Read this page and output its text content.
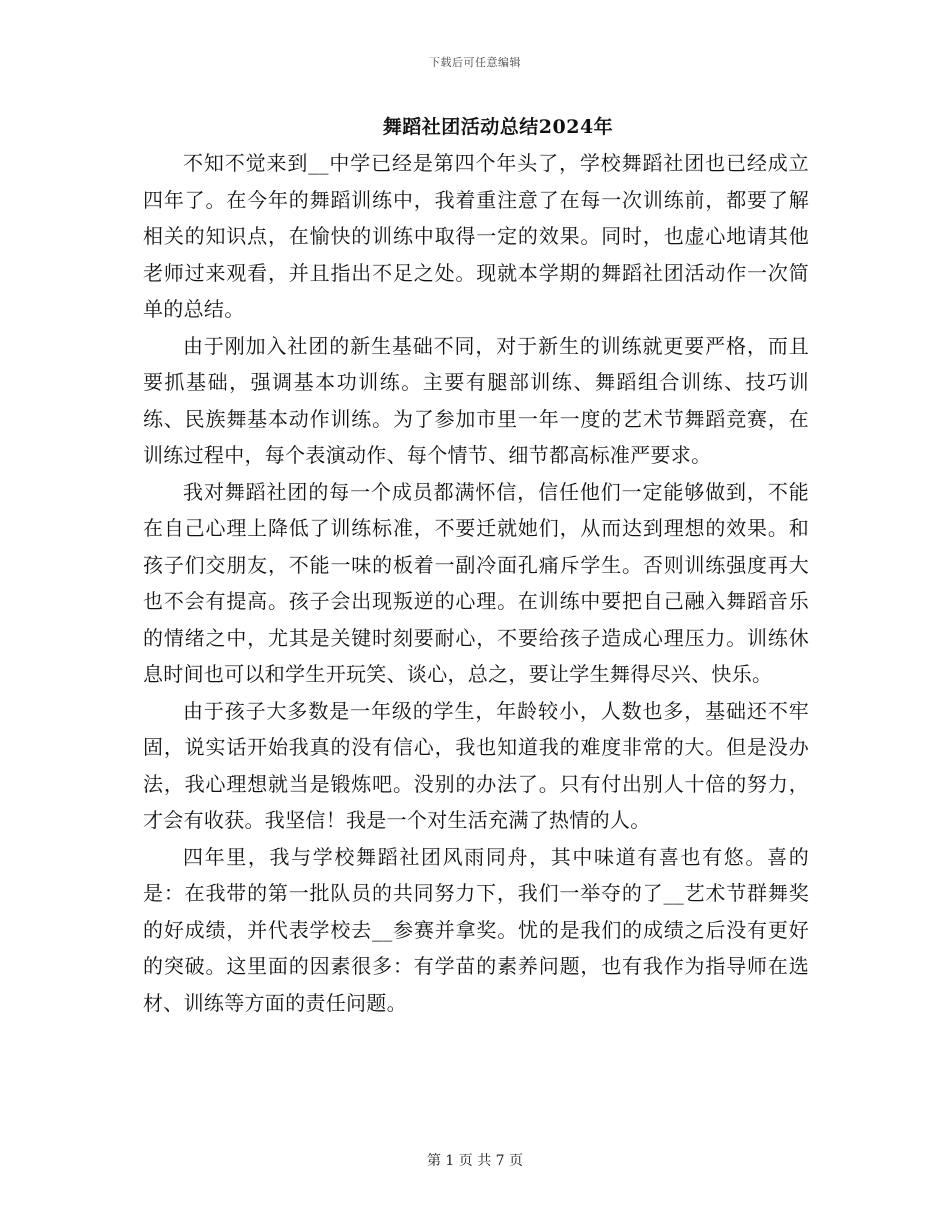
下载后可任意编辑
舞蹈社团活动总结2024年

不知不觉来到__中学已经是第四个年头了，学校舞蹈社团也已经成立四年了。在今年的舞蹈训练中，我着重注意了在每一次训练前，都要了解相关的知识点，在愉快的训练中取得一定的效果。同时，也虚心地请其他老师过来观看，并且指出不足之处。现就本学期的舞蹈社团活动作一次简单的总结。

由于刚加入社团的新生基础不同，对于新生的训练就更要严格，而且要抓基础，强调基本功训练。主要有腿部训练、舞蹈组合训练、技巧训练、民族舞基本动作训练。为了参加市里一年一度的艺术节舞蹈竞赛，在训练过程中，每个表演动作、每个情节、细节都高标准严要求。

我对舞蹈社团的每一个成员都满怀信，信任他们一定能够做到，不能在自己心理上降低了训练标准，不要迁就她们，从而达到理想的效果。和孩子们交朋友，不能一味的板着一副冷面孔痛斥学生。否则训练强度再大也不会有提高。孩子会出现叛逆的心理。在训练中要把自己融入舞蹈音乐的情绪之中，尤其是关键时刻要耐心，不要给孩子造成心理压力。训练休息时间也可以和学生开玩笑、谈心，总之，要让学生舞得尽兴、快乐。

由于孩子大多数是一年级的学生，年龄较小，人数也多，基础还不牢固，说实话开始我真的没有信心，我也知道我的难度非常的大。但是没办法，我心理想就当是锻炼吧。没别的办法了。只有付出别人十倍的努力，才会有收获。我坚信！我是一个对生活充满了热情的人。

四年里，我与学校舞蹈社团风雨同舟，其中味道有喜也有悠。喜的是：在我带的第一批队员的共同努力下，我们一举夺的了__艺术节群舞奖的好成绩，并代表学校去__参赛并拿奖。忧的是我们的成绩之后没有更好的突破。这里面的因素很多：有学苗的素养问题，也有我作为指导师在选材、训练等方面的责任问题。

第 1 页 共 7 页
